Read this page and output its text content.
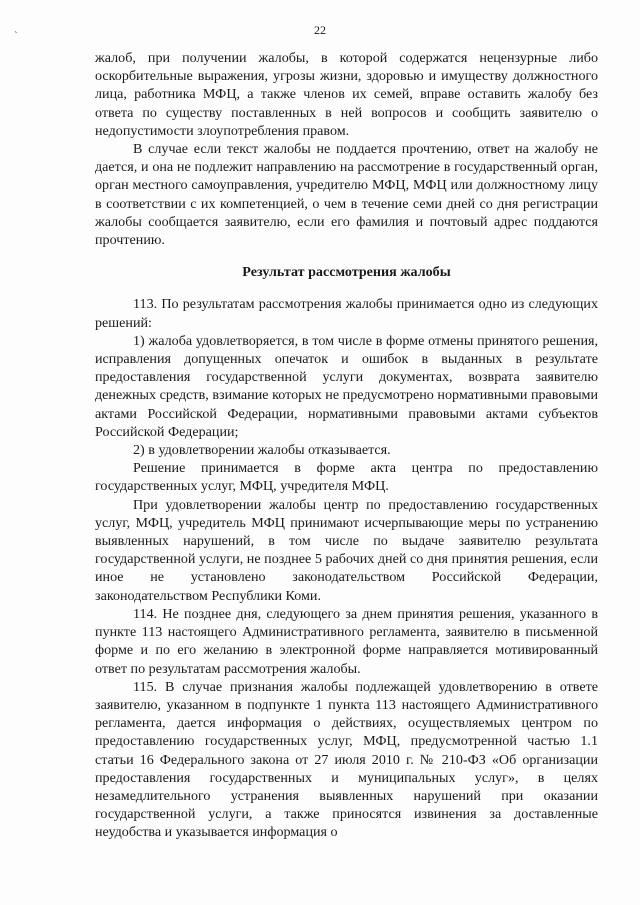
`	22

жалоб, при получении жалобы, в которой содержатся нецензурные либо оскорбительные выражения, угрозы жизни, здоровью и имуществу должностного лица, работника МФЦ, а также членов их семей, вправе оставить жалобу без ответа по существу поставленных в ней вопросов и сообщить заявителю о недопустимости злоупотребления правом.

В случае если текст жалобы не поддается прочтению, ответ на жалобу не дается, и она не подлежит направлению на рассмотрение в государственный орган, орган местного самоуправления, учредителю МФЦ, МФЦ или должностному лицу в соответствии с их компетенцией, о чем в течение семи дней со дня регистрации жалобы сообщается заявителю, если его фамилия и почтовый адрес поддаются прочтению.

Результат рассмотрения жалобы

113. По результатам рассмотрения жалобы принимается одно из следующих решений:

1) жалоба удовлетворяется, в том числе в форме отмены принятого решения, исправления допущенных опечаток и ошибок в выданных в результате предоставления государственной услуги документах, возврата заявителю денежных средств, взимание которых не предусмотрено нормативными правовыми актами Российской Федерации, нормативными правовыми актами субъектов Российской Федерации;

2) в удовлетворении жалобы отказывается.

Решение принимается в форме акта центра по предоставлению государственных услуг, МФЦ, учредителя МФЦ.

При удовлетворении жалобы центр по предоставлению государственных услуг, МФЦ, учредитель МФЦ принимают исчерпывающие меры по устранению выявленных нарушений, в том числе по выдаче заявителю результата государственной услуги, не позднее 5 рабочих дней со дня принятия решения, если иное не установлено законодательством Российской Федерации, законодательством Республики Коми.

114. Не позднее дня, следующего за днем принятия решения, указанного в пункте 113 настоящего Административного регламента, заявителю в письменной форме и по его желанию в электронной форме направляется мотивированный ответ по результатам рассмотрения жалобы.

115. В случае признания жалобы подлежащей удовлетворению в ответе заявителю, указанном в подпункте 1 пункта 113 настоящего Административного регламента, дается информация о действиях, осуществляемых центром по предоставлению государственных услуг, МФЦ, предусмотренной частью 1.1 статьи 16 Федерального закона от 27 июля 2010 г. № 210-ФЗ «Об организации предоставления государственных и муниципальных услуг», в целях незамедлительного устранения выявленных нарушений при оказании государственной услуги, а также приносятся извинения за доставленные неудобства и указывается информация о
